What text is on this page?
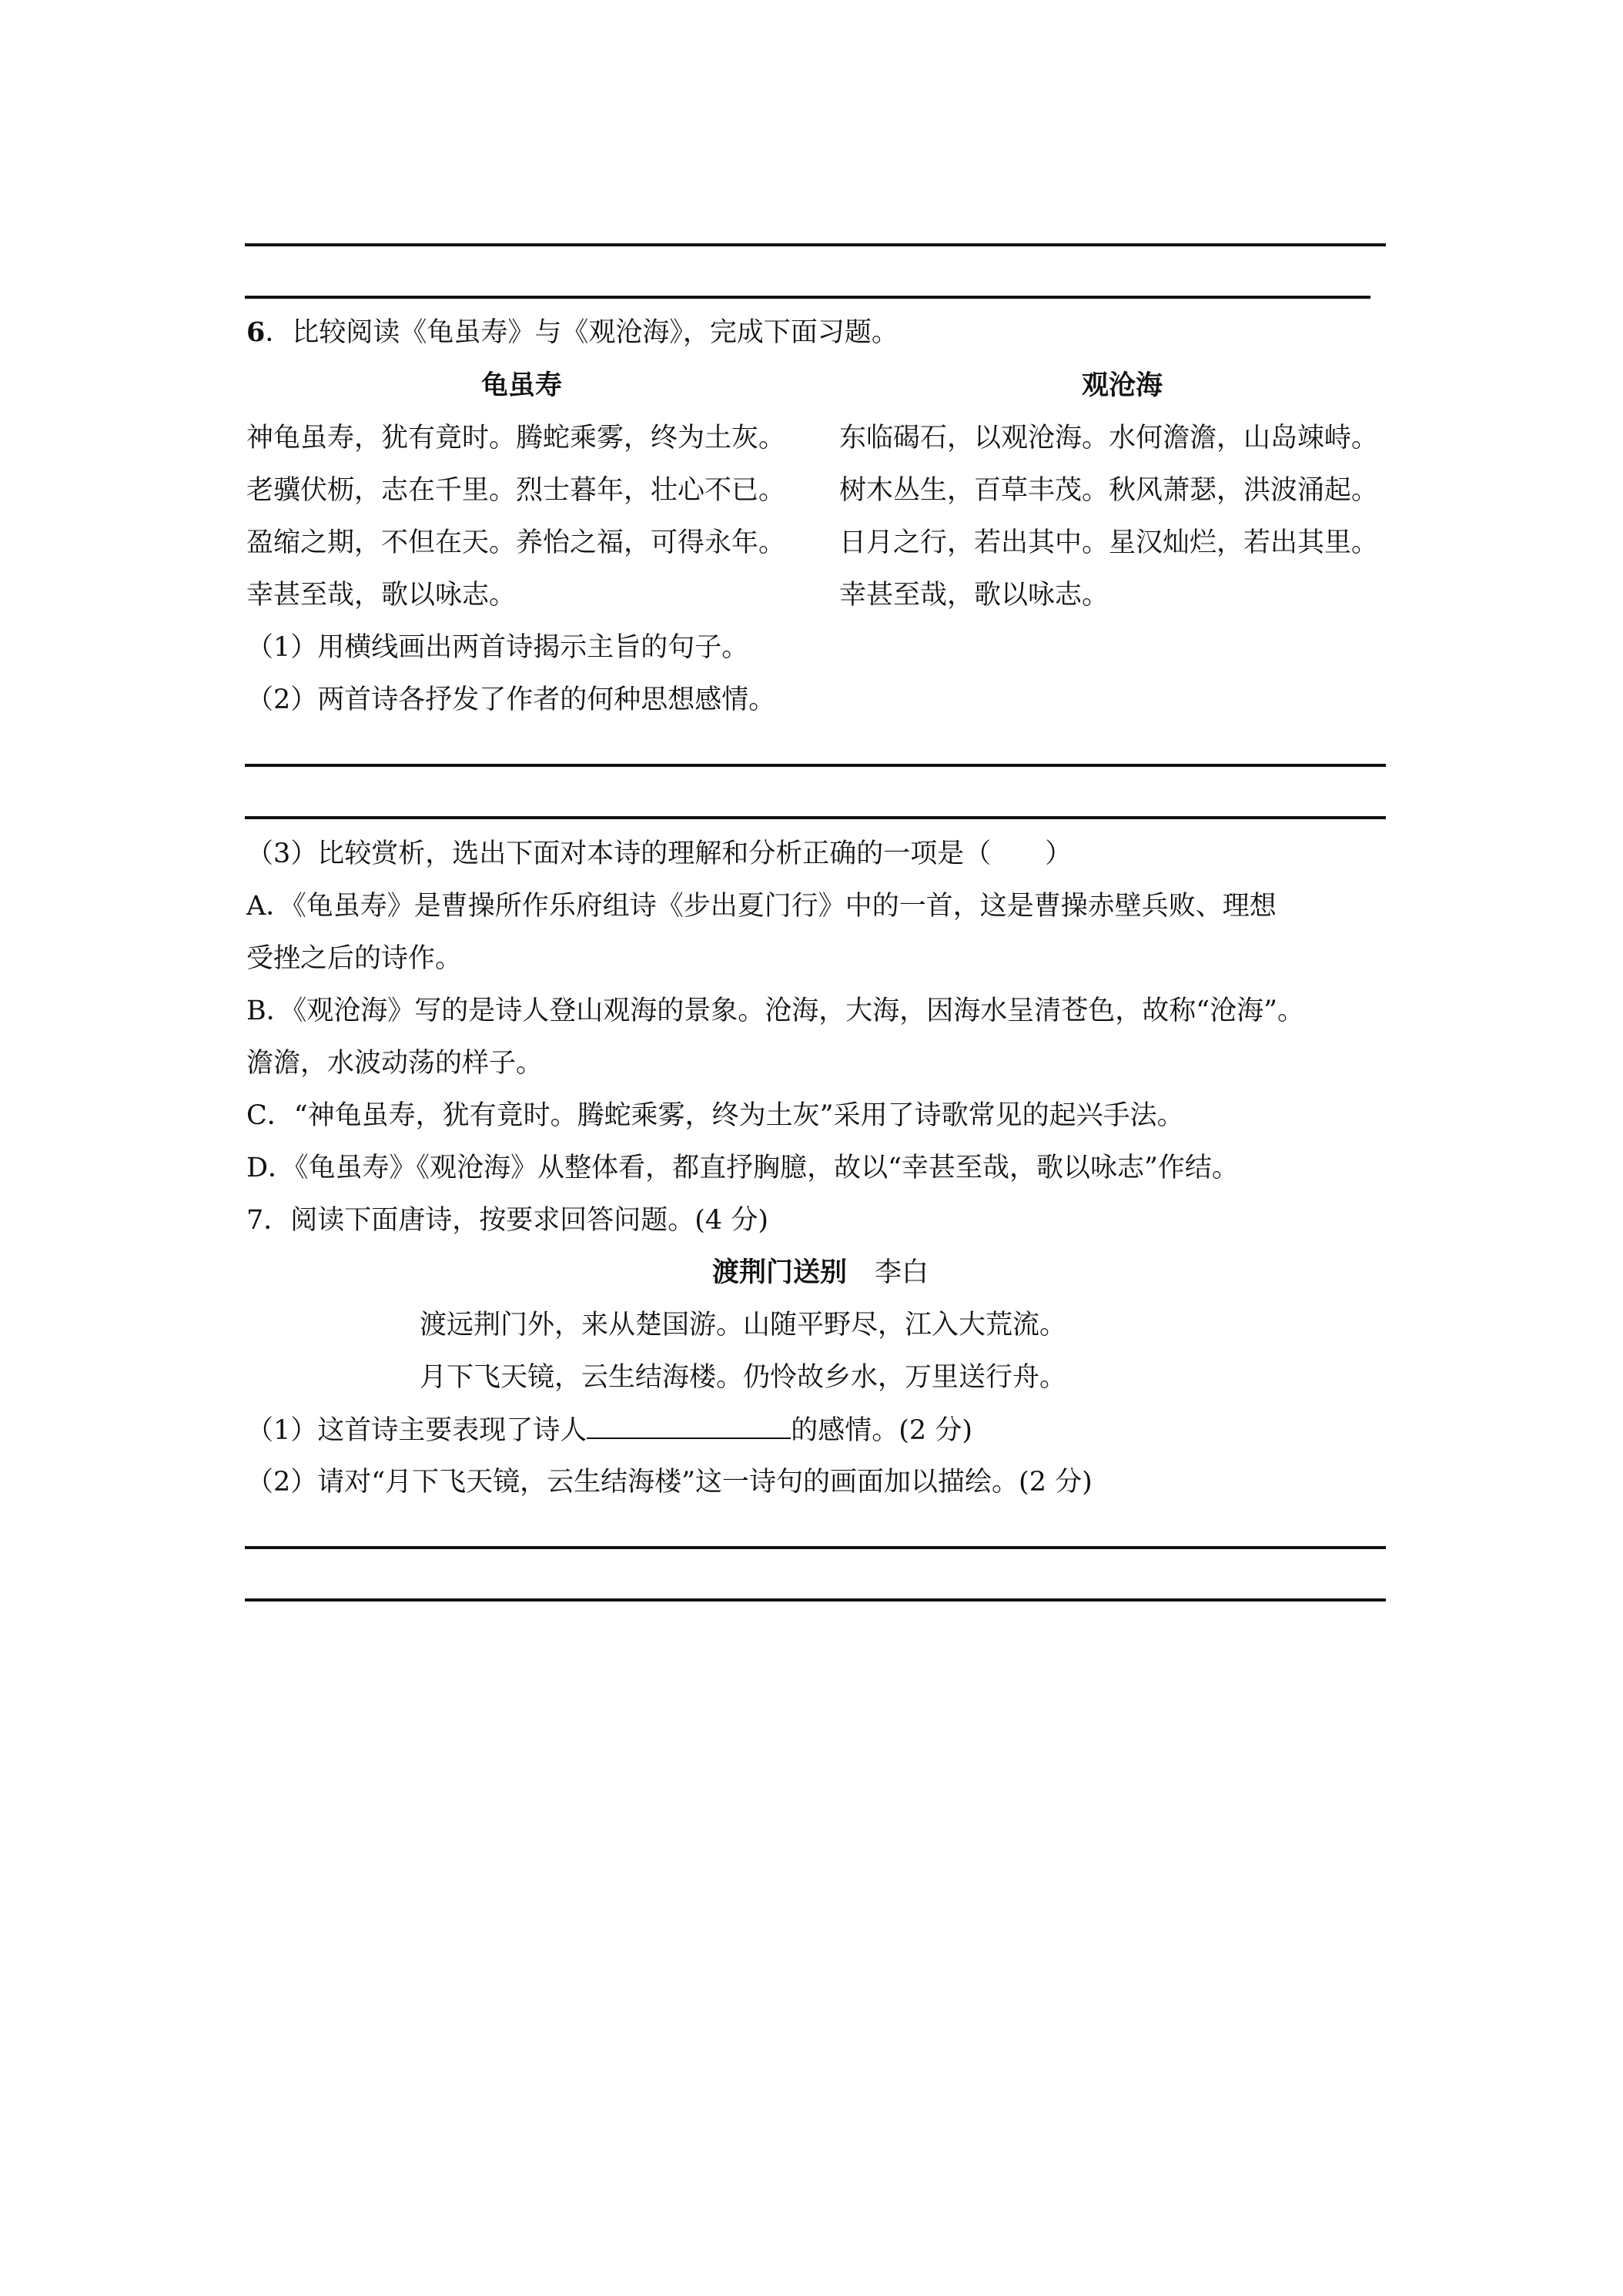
6．比较阅读《龟虽寿》与《观沧海》，完成下面习题。
龟虽寿
神龟虽寿，犹有竟时。腾蛇乘雾，终为土灰。
老骥伏枥，志在千里。烈士暮年，壮心不已。
盈缩之期，不但在天。养怡之福，可得永年。
幸甚至哉，歌以咏志。
观沧海
东临碣石，以观沧海。水何澹澹，山岛竦峙。
树木丛生，百草丰茂。秋风萧瑟，洪波涌起。
日月之行，若出其中。星汉灿烂，若出其里。
幸甚至哉，歌以咏志。
（1）用横线画出两首诗揭示主旨的句子。
（2）两首诗各抒发了作者的何种思想感情。
（3）比较赏析，选出下面对本诗的理解和分析正确的一项是（　　）
A．《龟虽寿》是曹操所作乐府组诗《步出夏门行》中的一首，这是曹操赤壁兵败、理想
受挫之后的诗作。
B．《观沧海》写的是诗人登山观海的景象。沧海，大海，因海水呈清苍色，故称“沧海”。
澹澹，水波动荡的样子。
C．“神龟虽寿，犹有竟时。腾蛇乘雾，终为土灰”采用了诗歌常见的起兴手法。
D．《龟虽寿》《观沧海》从整体看，都直抒胸臆，故以“幸甚至哉，歌以咏志”作结。
7．阅读下面唐诗，按要求回答问题。(4 分)
渡荆门送别 李白
渡远荆门外，来从楚国游。山随平野尽，江入大荒流。
月下飞天镜，云生结海楼。仍怜故乡水，万里送行舟。
（1）这首诗主要表现了诗人	的感情。(2 分)
（2）请对“月下飞天镜，云生结海楼”这一诗句的画面加以描绘。(2 分)
